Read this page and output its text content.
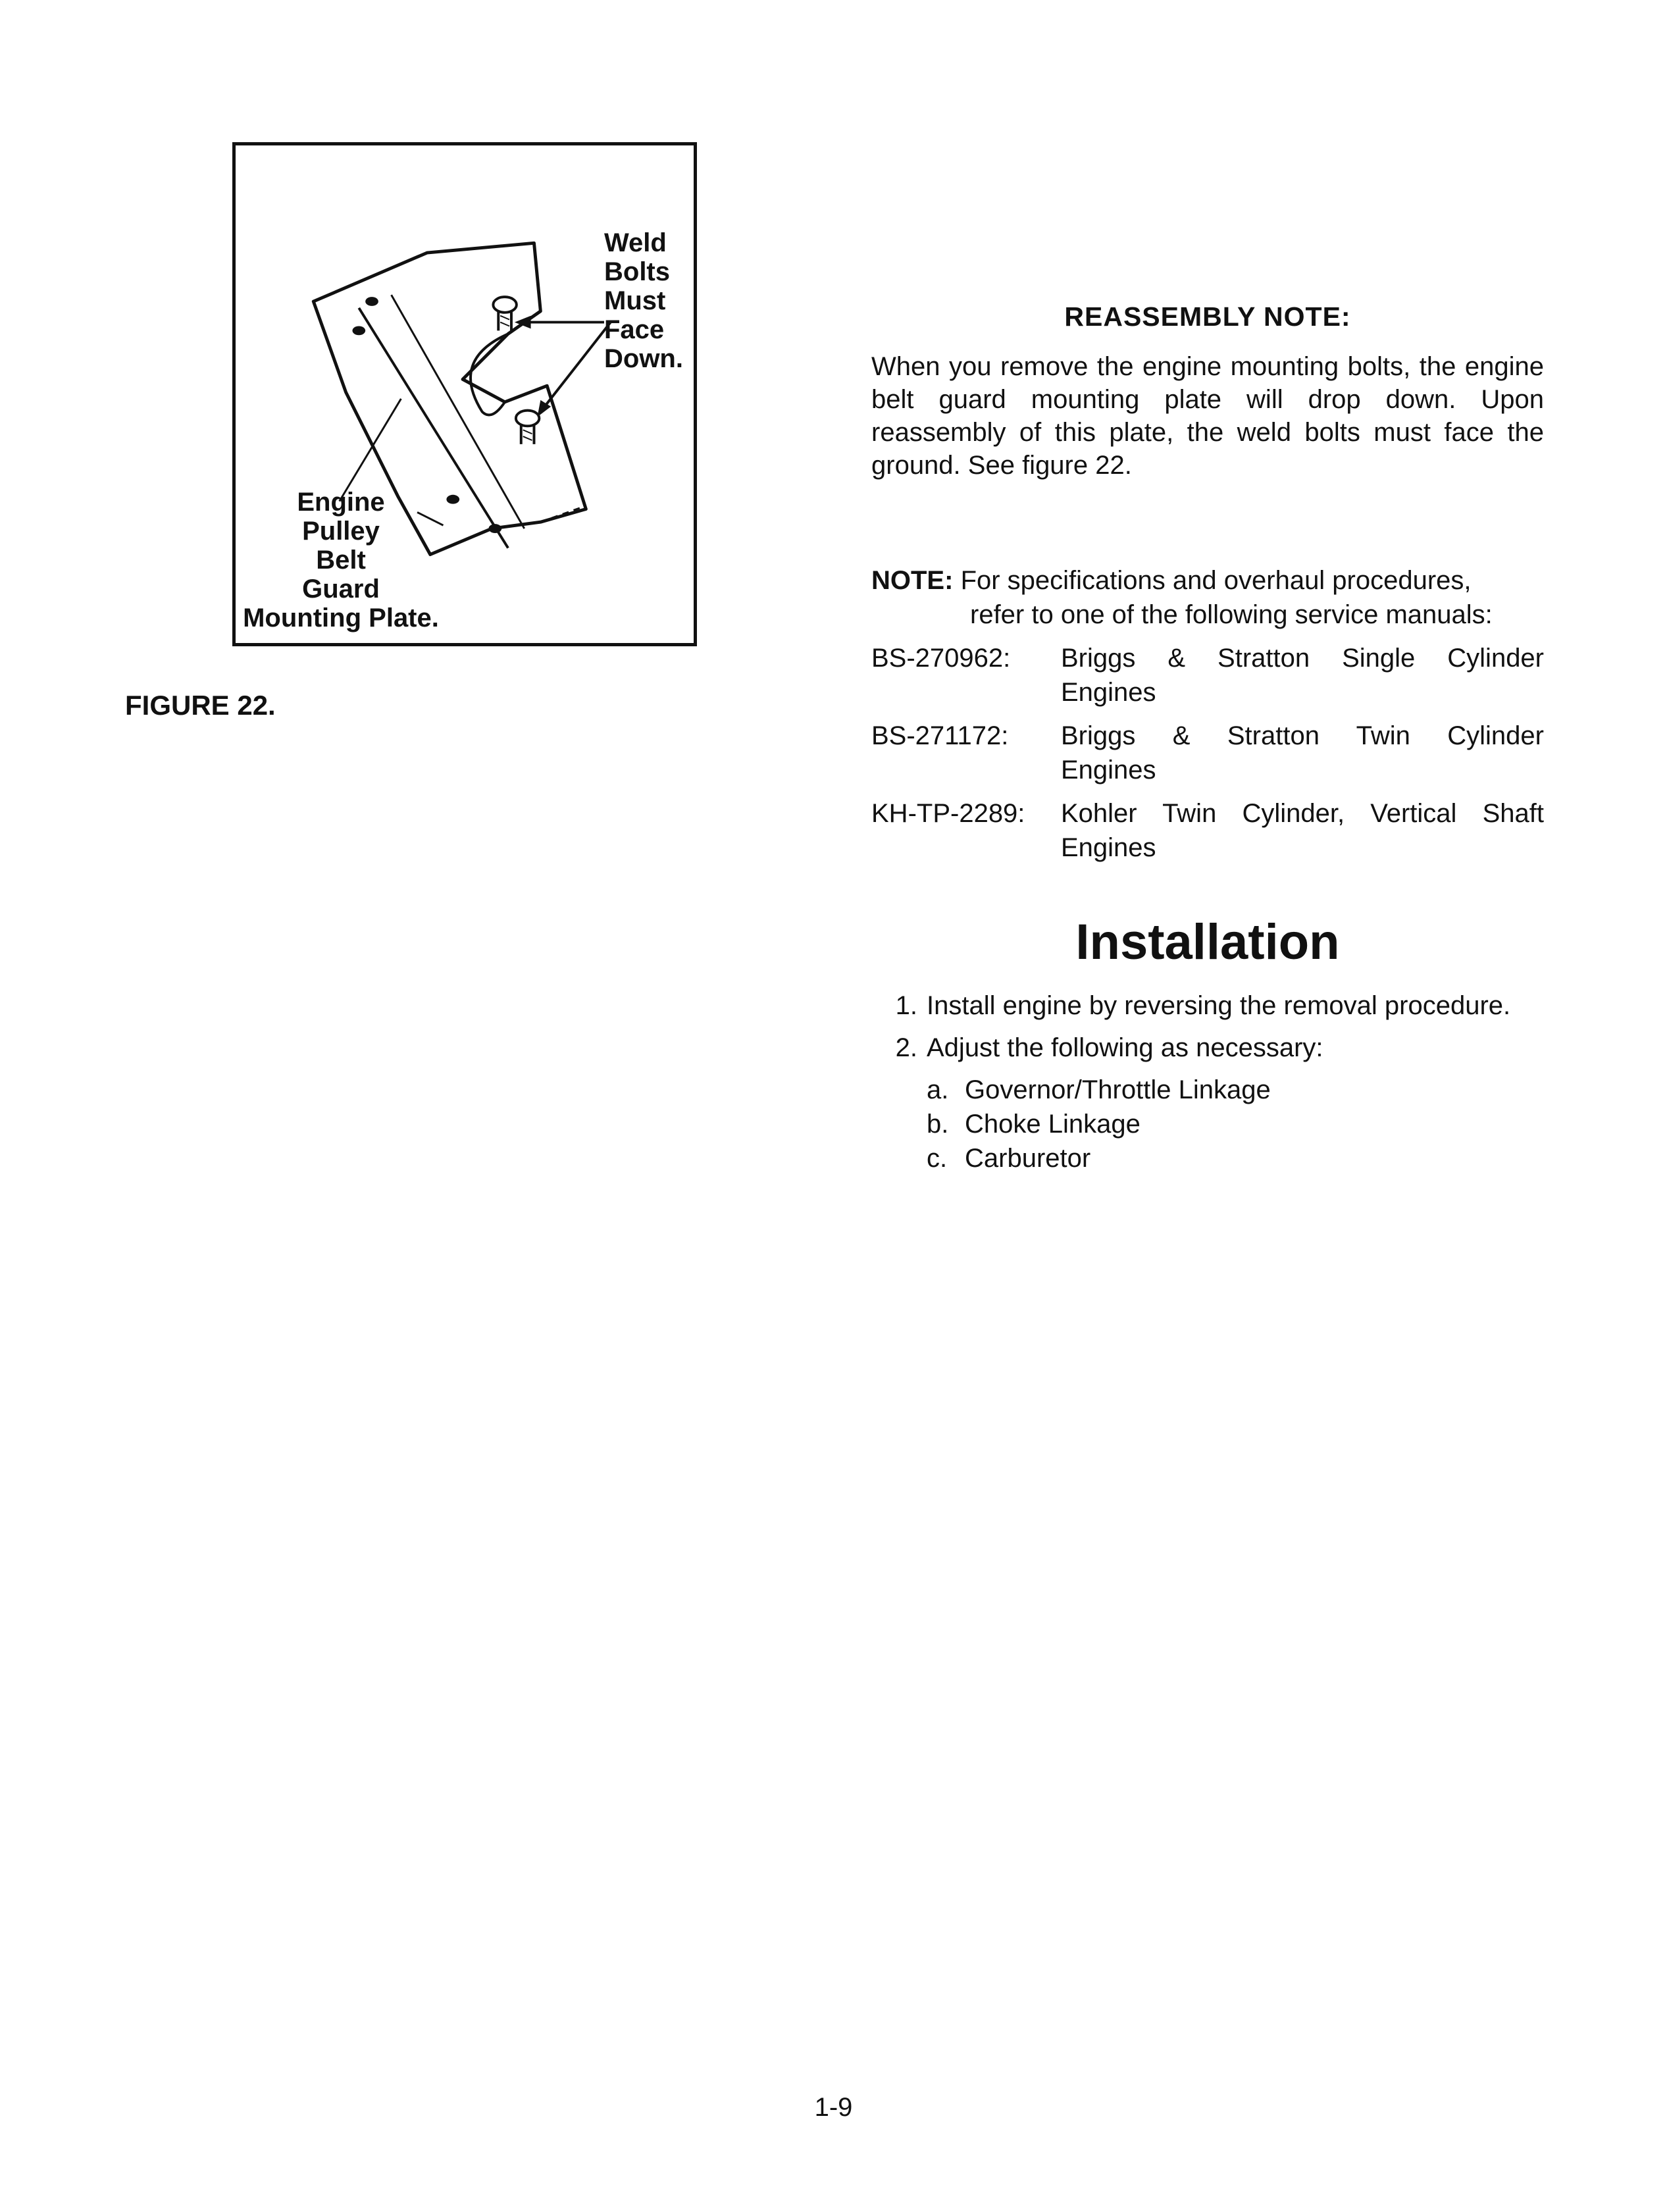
Weld
Bolts
Must
Face
Down.
Engine
Pulley
Belt
Guard
Mounting Plate.
FIGURE 22.
REASSEMBLY NOTE:
When you remove the engine mounting bolts, the engine belt guard mounting plate will drop down. Upon reassembly of this plate, the weld bolts must face the ground. See figure 22.
NOTE: For specifications and overhaul procedures,
refer to one of the following service manuals:
BS-270962:	Briggs & Stratton Single Cylinder
Engines
BS-271172:	Briggs & Stratton Twin Cylinder
Engines
KH-TP-2289:	Kohler Twin Cylinder, Vertical Shaft
Engines
Installation
1. Install engine by reversing the removal procedure.
2. Adjust the following as necessary:
a. Governor/Throttle Linkage
b. Choke Linkage
c. Carburetor
1-9
